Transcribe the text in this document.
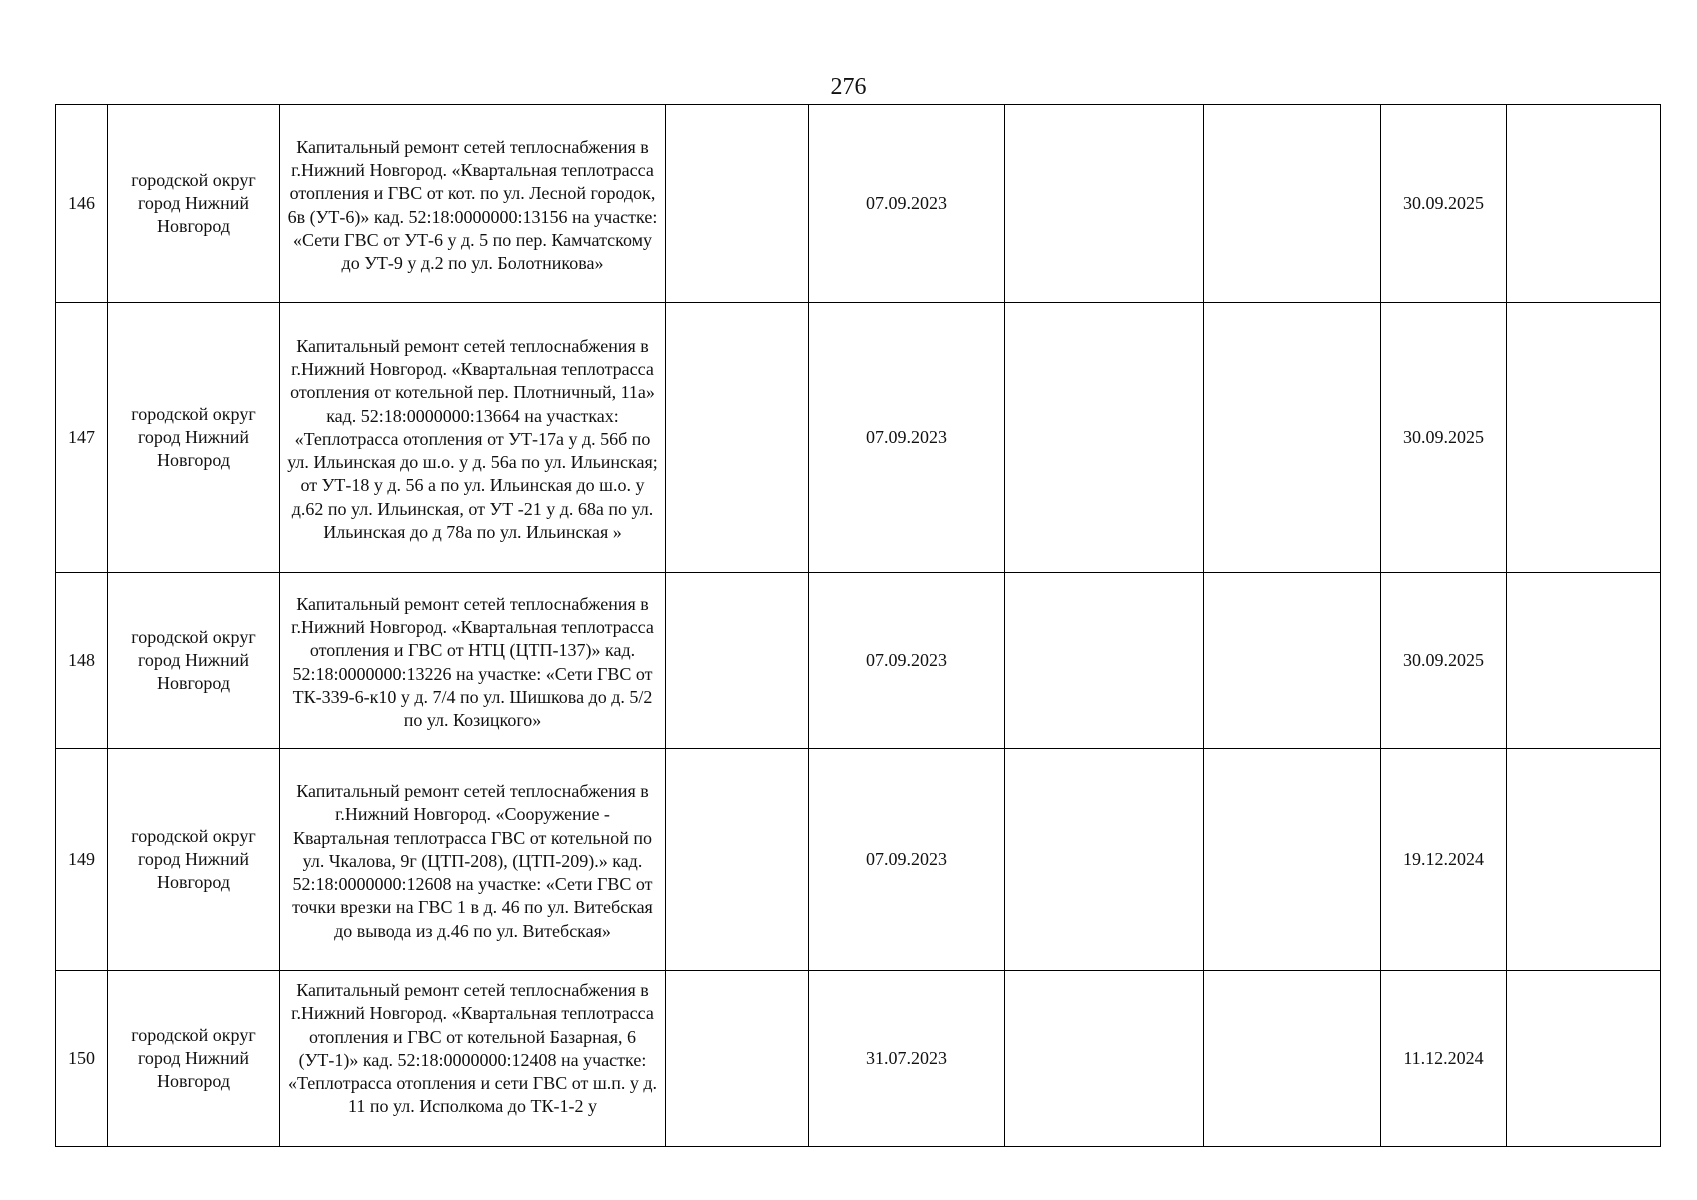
276
146	городской округ город Нижний Новгород	Капитальный ремонт сетей теплоснабжения в г.Нижний Новгород. «Квартальная теплотрасса отопления и ГВС от кот. по ул. Лесной городок, 6в (УТ-6)» кад. 52:18:0000000:13156 на участке: «Сети ГВС от УТ-6 у д. 5 по пер. Камчатскому до УТ-9 у д.2 по ул. Болотникова»		07.09.2023			30.09.2025	
147	городской округ город Нижний Новгород	Капитальный ремонт сетей теплоснабжения в г.Нижний Новгород. «Квартальная теплотрасса отопления от котельной пер. Плотничный, 11а» кад. 52:18:0000000:13664 на участках: «Теплотрасса отопления от УТ-17а у д. 56б по ул. Ильинская до ш.о. у д. 56а по ул. Ильинская; от УТ-18 у д. 56 а по ул. Ильинская до ш.о. у д.62 по ул. Ильинская, от УТ -21 у д. 68а по ул. Ильинская до д 78а по ул. Ильинская »		07.09.2023			30.09.2025	
148	городской округ город Нижний Новгород	Капитальный ремонт сетей теплоснабжения в г.Нижний Новгород. «Квартальная теплотрасса отопления и ГВС от НТЦ (ЦТП-137)» кад. 52:18:0000000:13226 на участке: «Сети ГВС от ТК-339-6-к10 у д. 7/4 по ул. Шишкова до д. 5/2 по ул. Козицкого»		07.09.2023			30.09.2025	
149	городской округ город Нижний Новгород	Капитальный ремонт сетей теплоснабжения в г.Нижний Новгород. «Сооружение - Квартальная теплотрасса ГВС от котельной по ул. Чкалова, 9г (ЦТП-208), (ЦТП-209).» кад. 52:18:0000000:12608 на участке: «Сети ГВС от точки врезки на ГВС 1 в д. 46 по ул. Витебская до вывода из д.46 по ул. Витебская»		07.09.2023			19.12.2024	
150	городской округ город Нижний Новгород	Капитальный ремонт сетей теплоснабжения в г.Нижний Новгород. «Квартальная теплотрасса отопления и ГВС от котельной Базарная, 6 (УТ-1)» кад. 52:18:0000000:12408 на участке: «Теплотрасса отопления и сети ГВС от ш.п. у д. 11 по ул. Исполкома до ТК-1-2 у		31.07.2023			11.12.2024	
